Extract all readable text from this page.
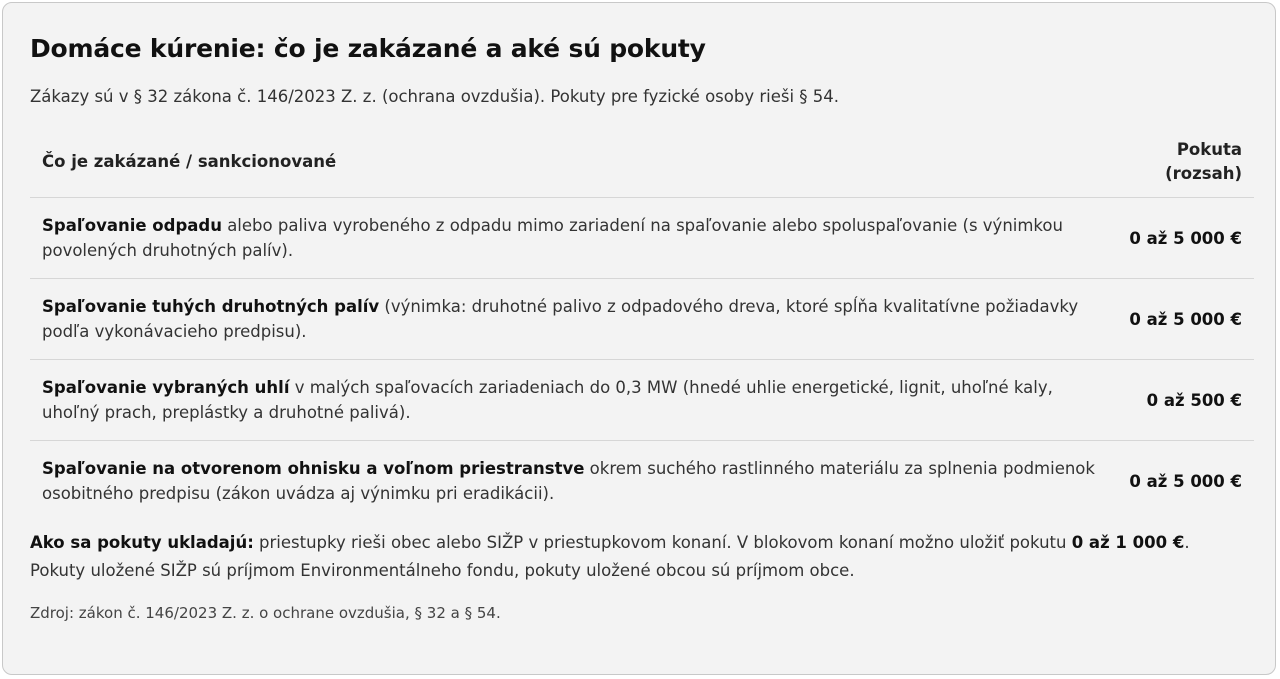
Domáce kúrenie: čo je zakázané a aké sú pokuty

Zákazy sú v § 32 zákona č. 146/2023 Z. z. (ochrana ovzdušia). Pokuty pre fyzické osoby rieši § 54.

Čo je zakázané / sankcionované	Pokuta
(rozsah)
Spaľovanie odpadu alebo paliva vyrobeného z odpadu mimo zariadení na spaľovanie alebo spoluspaľovanie (s výnimkou povolených druhotných palív).	0 až 5 000 €
Spaľovanie tuhých druhotných palív (výnimka: druhotné palivo z odpadového dreva, ktoré spĺňa kvalitatívne požiadavky podľa vykonávacieho predpisu).	0 až 5 000 €
Spaľovanie vybraných uhlí v malých spaľovacích zariadeniach do 0,3 MW (hnedé uhlie energetické, lignit, uhoľné kaly, uhoľný prach, preplástky a druhotné palivá).	0 až 500 €
Spaľovanie na otvorenom ohnisku a voľnom priestranstve okrem suchého rastlinného materiálu za splnenia podmienok osobitného predpisu (zákon uvádza aj výnimku pri eradikácii).	0 až 5 000 €

Ako sa pokuty ukladajú: priestupky rieši obec alebo SIŽP v priestupkovom konaní. V blokovom konaní možno uložiť pokutu 0 až 1 000 €. Pokuty uložené SIŽP sú príjmom Environmentálneho fondu, pokuty uložené obcou sú príjmom obce.

Zdroj: zákon č. 146/2023 Z. z. o ochrane ovzdušia, § 32 a § 54.
